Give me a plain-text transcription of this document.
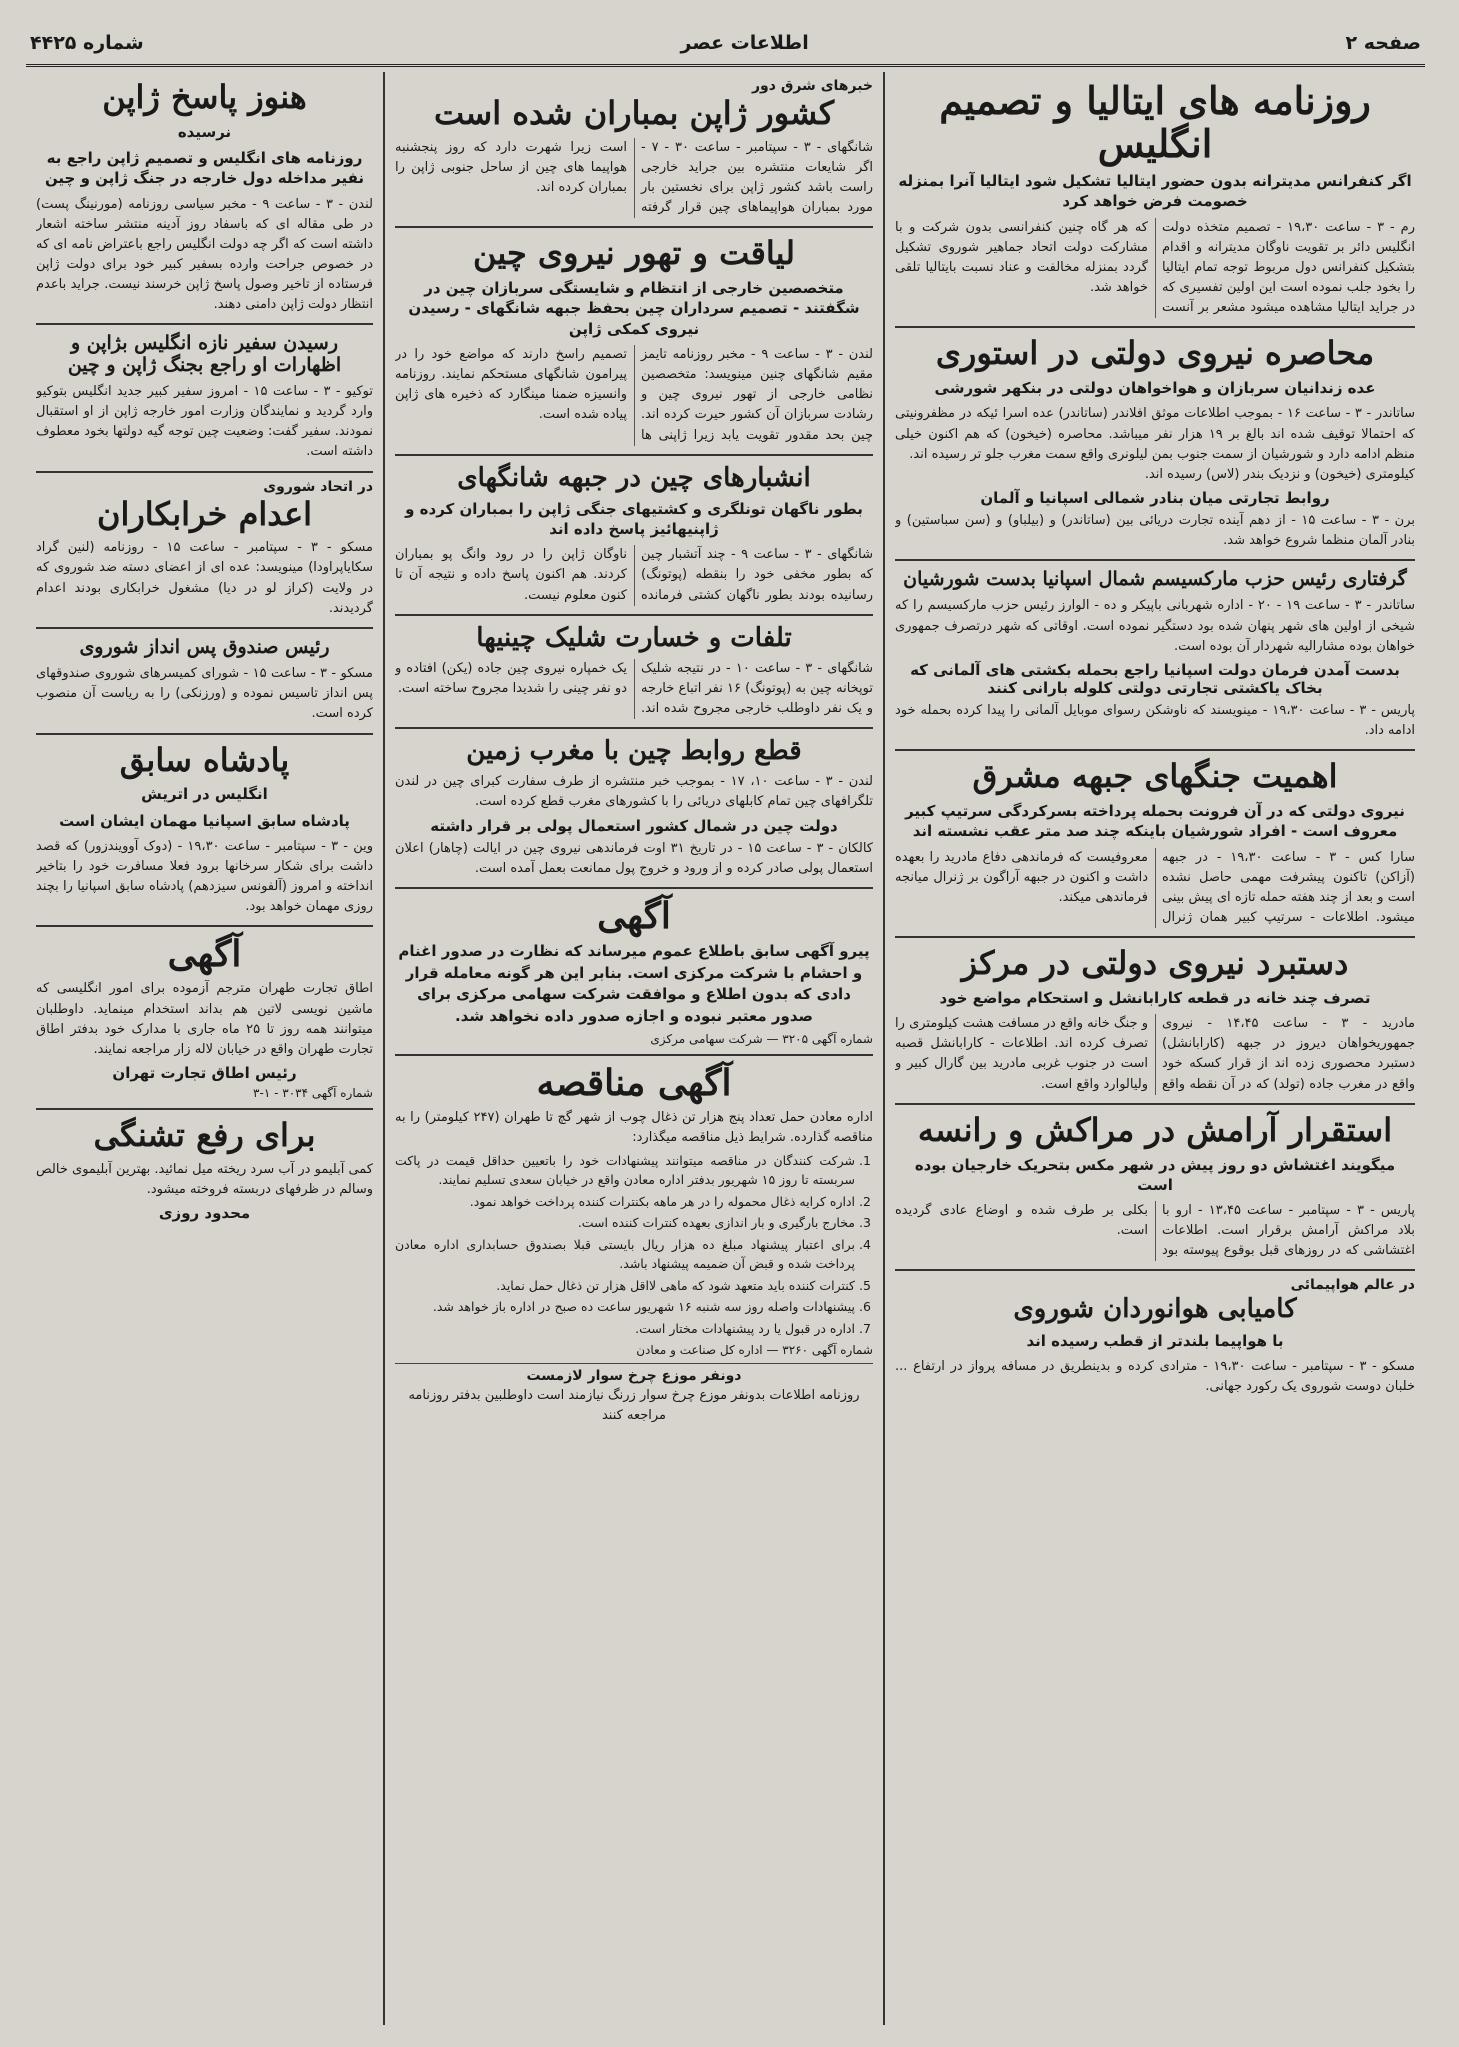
صفحه ۲
اطلاعات عصر
شماره ۴۴۲۵
روزنامه های ایتالیا و تصمیم انگلیس
اگر کنفرانس مدیترانه بدون حضور ایتالیا تشکیل شود ایتالیا آنرا بمنزله خصومت فرض خواهد کرد

رم - ۳ - ساعت ۱۹،۳۰ - تصمیم متخذه دولت انگلیس دائر بر تقویت ناوگان مدیترانه و اقدام بتشکیل کنفرانس دول مربوط توجه تمام ایتالیا را بخود جلب نموده است این اولین تفسیری که در جراید ایتالیا مشاهده میشود مشعر بر آنست که هر گاه چنین کنفرانسی بدون شرکت و با مشارکت دولت اتحاد جماهیر شوروی تشکیل گردد بمنزله مخالفت و عناد نسبت بایتالیا تلقی خواهد شد.

محاصره نیروی دولتی در استوری
عده زندانیان سربازان و هواخواهان دولتی در بنکهر شورشی

ساتاندر - ۳ - ساعت ۱۶ - بموجب اطلاعات موثق افلاندر (ساتاندر) عده اسرا ئیکه در مظفرونیتی که احتمالا توقیف شده اند بالغ بر ۱۹ هزار نفر میباشد. محاصره (خیخون) که هم اکنون خیلی منظم ادامه دارد و شورشیان از سمت جنوب بمن لیلونری واقع سمت مغرب جلو تر رسیده اند.

کیلومتری (خیخون) و نزدیک بندر (لاس) رسیده اند.

روابط تجارتی میان بنادر شمالی اسپانیا و آلمان

برن - ۳ - ساعت ۱۵ - از دهم آینده تجارت دریائی بین (ساتاندر) و (بیلباو) و (سن سباستین) و بنادر آلمان منظما شروع خواهد شد.

گرفتاری رئیس حزب مارکسیسم شمال اسپانیا بدست شورشیان

ساتاندر - ۳ - ساعت ۱۹ - ۲۰ - اداره شهربانی باپیکر و ده - الوارز رئیس حزب مارکسیسم را که شیخی از اولین های شهر پنهان شده بود دستگیر نموده است. اوقاتی که شهر درتصرف جمهوری خواهان بوده مشارالیه شهردار آن بوده است.

بدست آمدن فرمان دولت اسپانیا راجع بحمله بکشتی های آلمانی که بخاک یاکشتی تجارتی دولتی کلوله بارانی کنند

پاریس - ۳ - ساعت ۱۹،۳۰ - مینویسند که ناوشکن رسوای موبایل آلمانی را پیدا کرده بحمله خود ادامه داد.

اهمیت جنگهای جبهه مشرق
نیروی دولتی که در آن فرونت بحمله پرداخته بسرکردگی سرتیپ کبیر معروف است - افراد شورشیان باینکه چند صد متر عقب نشسته اند

سارا کس - ۳ - ساعت ۱۹،۳۰ - در جبهه (آزاکن) تاکنون پیشرفت مهمی حاصل نشده است و بعد از چند هفته حمله تازه ای پیش بینی میشود. اطلاعات - سرتیپ کبیر همان ژنرال معروفیست که فرماندهی دفاع مادرید را بعهده داشت و اکنون در جبهه آراگون بر ژنرال میانجه فرماندهی میکند.

دستبرد نیروی دولتی در مرکز
تصرف چند خانه در قطعه کارابانشل و استحکام مواضع خود

مادرید - ۳ - ساعت ۱۴،۴۵ - نیروی جمهوریخواهان دیروز در جبهه (کارابانشل) دستبرد محصوری زده اند از قرار کسکه خود واقع در مغرب جاده (تولد) که در آن نقطه واقع و جنگ خانه واقع در مسافت هشت کیلومتری را تصرف کرده اند. اطلاعات - کارابانشل قصبه است در جنوب غربی مادرید بین گارال کبیر و ولیالوارد واقع است.

استقرار آرامش در مراکش و رانسه
میگویند اغتشاش دو روز پیش در شهر مکس بتحریک خارجیان بوده است

پاریس - ۳ - سپتامبر - ساعت ۱۳،۴۵ - ارو با بلاد مراکش آرامش برقرار است. اطلاعات اغتشاشی که در روزهای قبل بوقوع پیوسته بود بکلی بر طرف شده و اوضاع عادی گردیده است.

در عالم هواپیمائی
کامیابی هوانوردان شوروی
با هواپیما بلندتر از قطب رسیده اند

مسکو - ۳ - سپتامبر - ساعت ۱۹،۳۰ - مترادی کرده و بدینطریق در مسافه پرواز در ارتفاع ... خلبان دوست شوروی یک رکورد جهانی.

خبرهای شرق دور
کشور ژاپن بمباران شده است

شانگهای - ۳ - سپتامبر - ساعت ۳۰ - ۷ - اگر شایعات منتشره بین جراید خارجی راست باشد کشور ژاپن برای نخستین بار مورد بمباران هواپیماهای چین قرار گرفته است زیرا شهرت دارد که روز پنجشنبه هواپیما های چین از ساحل جنوبی ژاپن را بمباران کرده اند.

لیاقت و تهور نیروی چین
متخصصین خارجی از انتظام و شایستگی سربازان چین در شگفتند - تصمیم سرداران چین بحفظ جبهه شانگهای - رسیدن نیروی کمکی ژاپن

لندن - ۳ - ساعت ۹ - مخبر روزنامه تایمز مقیم شانگهای چنین مینویسد: متخصصین نظامی خارجی از تهور نیروی چین و رشادت سربازان آن کشور حیرت کرده اند. چین بحد مقدور تقویت یابد زیرا ژاپنی ها تصمیم راسخ دارند که مواضع خود را در پیرامون شانگهای مستحکم نمایند. روزنامه وانسیزه ضمنا مینگارد که ذخیره های ژاپن پیاده شده است.

انشبارهای چین در جبهه شانگهای
بطور ناگهان تونلگری و کشتیهای جنگی ژاپن را بمباران کرده و ژاپنیهائیز پاسخ داده اند

شانگهای - ۳ - ساعت ۹ - چند آتشبار چین که بطور مخفی خود را بنقطه (پوتونگ) رسانیده بودند بطور ناگهان کشتی فرمانده ناوگان ژاپن را در رود وانگ پو بمباران کردند. هم اکنون پاسخ داده و نتیجه آن تا کنون معلوم نیست.

تلفات و خسارت شلیک چینیها

شانگهای - ۳ - ساعت ۱۰ - در نتیجه شلیک توپخانه چین به (پوتونگ) ۱۶ نفر اتباع خارجه و یک نفر داوطلب خارجی مجروح شده اند. یک خمپاره نیروی چین جاده (یکن) افتاده و دو نفر چینی را شدیدا مجروح ساخته است.

قطع روابط چین با مغرب زمین

لندن - ۳ - ساعت ۱۰، ۱۷ - بموجب خبر منتشره از طرف سفارت کبرای چین در لندن تلگرافهای چین تمام کابلهای دریائی را با کشورهای مغرب قطع کرده است.

دولت چین در شمال کشور استعمال پولی بر قرار داشته

کالکان - ۳ - ساعت ۱۵ - در تاریخ ۳۱ اوت فرماندهی نیروی چین در ایالت (چاهار) اعلان استعمال پولی صادر کرده و از ورود و خروج پول ممانعت بعمل آمده است.

آگهی
پیرو آگهی سابق باطلاع عموم میرساند که نظارت در صدور اغنام و احشام با شرکت مرکزی است. بنابر این هر گونه معامله قرار دادی که بدون اطلاع و موافقت شرکت سهامی مرکزی برای صدور معتبر نبوده و اجازه صدور داده نخواهد شد.
شماره آگهی ۳۲۰۵ — شرکت سهامی مرکزی
آگهی مناقصه

اداره معادن حمل تعداد پنج هزار تن ذغال چوب از شهر گچ تا طهران (۲۴۷ کیلومتر) را به مناقصه گذارده. شرایط ذیل مناقصه میگذارد:

1. شرکت کنندگان در مناقصه میتوانند پیشنهادات خود را باتعیین حداقل قیمت در پاکت سربسته تا روز ۱۵ شهریور بدفتر اداره معادن واقع در خیابان سعدی تسلیم نمایند.
2. اداره کرایه ذغال محموله را در هر ماهه بکنترات کننده پرداخت خواهد نمود.
3. مخارج بارگیری و بار اندازی بعهده کنترات کننده است.
4. برای اعتبار پیشنهاد مبلغ ده هزار ریال بایستی قبلا بصندوق حسابداری اداره معادن پرداخت شده و قبض آن ضمیمه پیشنهاد باشد.
5. کنترات کننده باید متعهد شود که ماهی لااقل هزار تن ذغال حمل نماید.
6. پیشنهادات واصله روز سه شنبه ۱۶ شهریور ساعت ده صبح در اداره باز خواهد شد.
7. اداره در قبول یا رد پیشنهادات مختار است.
شماره آگهی ۳۲۶۰ — اداره کل صناعت و معادن
دونفر موزع چرخ سوار لازمست

روزنامه اطلاعات بدونفر موزع چرخ سوار زرنگ نیازمند است داوطلبین بدفتر روزنامه مراجعه کنند

هنوز پاسخ ژاپن
نرسیده
روزنامه های انگلیس و تصمیم ژاپن راجع به نفیر مداخله دول خارجه در جنگ ژاپن و چین

لندن - ۳ - ساعت ۹ - مخبر سیاسی روزنامه (مورنینگ پست) در طی مقاله ای که باسفاد روز آدینه منتشر ساخته اشعار داشته است که اگر چه دولت انگلیس راجع باعتراض نامه ای که در خصوص جراحت وارده بسفیر کبیر خود برای دولت ژاپن فرستاده از تاخیر وصول پاسخ ژاپن خرسند نیست. جراید باعدم انتظار دولت ژاپن دامنی دهند.

رسیدن سفیر نازه انگلیس بژاپن و اظهارات او راجع بجنگ ژاپن و چین

توکیو - ۳ - ساعت ۱۵ - امروز سفیر کبیر جدید انگلیس بتوکیو وارد گردید و نمایندگان وزارت امور خارجه ژاپن از او استقبال نمودند. سفیر گفت: وضعیت چین توجه گیه دولتها بخود معطوف داشته است.

در اتحاد شوروی
اعدام خرابکاران

مسکو - ۳ - سپتامبر - ساعت ۱۵ - روزنامه (لنین گراد سکایاپراودا) مینویسد: عده ای از اعضای دسته ضد شوروی که در ولایت (کراز لو در دیا) مشغول خرابکاری بودند اعدام گردیدند.

رئیس صندوق پس انداز شوروی

مسکو - ۳ - ساعت ۱۵ - شورای کمیسرهای شوروی صندوقهای پس انداز تاسیس نموده و (ورزنکی) را به ریاست آن منصوب کرده است.

پادشاه سابق
انگلیس در اتریش
پادشاه سابق اسپانیا مهمان ایشان است

وین - ۳ - سپتامبر - ساعت ۱۹،۳۰ - (دوک آوویندزور) که قصد داشت برای شکار سرخانها برود فعلا مسافرت خود را بتاخیر انداخته و امروز (آلفونس سیزدهم) پادشاه سابق اسپانیا را بچند روزی مهمان خواهد بود.

آگهی

اطاق تجارت طهران مترجم آزموده برای امور انگلیسی که ماشین نویسی لاتین هم بداند استخدام مینماید. داوطلبان میتوانند همه روز تا ۲۵ ماه جاری با مدارک خود بدفتر اطاق تجارت طهران واقع در خیابان لاله زار مراجعه نمایند.

رئیس اطاق تجارت تهران
شماره آگهی ۳۰۳۴ - ۱-۳
برای رفع تشنگی

کمی آبلیمو در آب سرد ریخته میل نمائید. بهترین آبلیموی خالص وسالم در ظرفهای دربسته فروخته میشود.

محدود روزی
